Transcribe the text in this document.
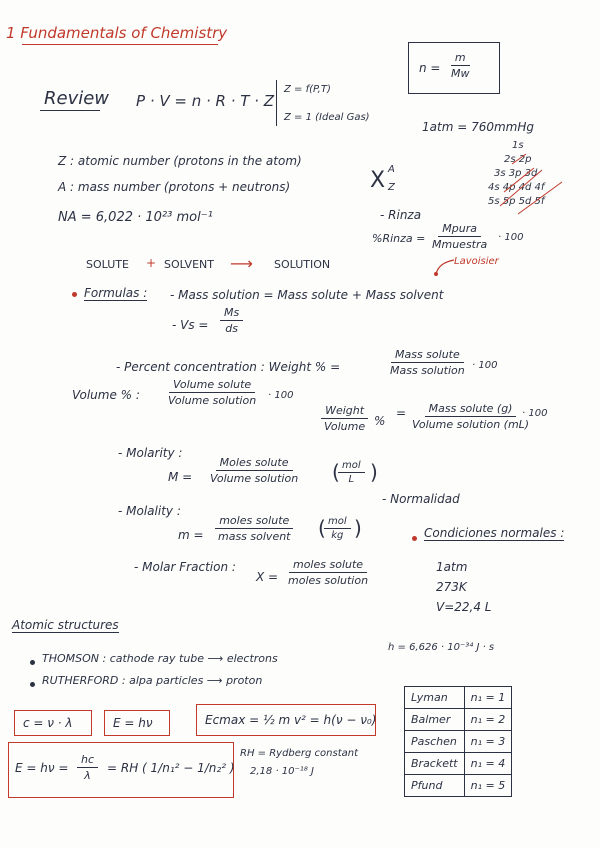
1 Fundamentals of Chemistry
$n = \frac{m}{Mw}$
Review P · V = n · R · T · Z
Z = f(P,T)
Z = 1 (Ideal Gas)
1atm = 760mmHg
Z : atomic number (protons in the atom)
A : mass number (protons + neutrons)
NA = 6,022 · 10²³ mol⁻¹
X A
Z
1s
2s 2p
3s 3p 3d
4s 4p 4d 4f
5s 5p 5d 5f
- Rinza
%Rinza =
Mpura
Mmuestra
· 100
Lavoisier
SOLUTE + SOLVENT ⟶ SOLUTION
Formulas : - Mass solution = Mass solute + Mass solvent
- $Vs = \frac{Ms}{ds}$
- Percent concentration : Weight % =
Mass solute
Mass solution · 100
Volume % :
Volume solute
Volume solution	· 100
Weight
Volume %
=	Mass solute (g)
Volume solution (mL)
· 100
- Molarity :
M =
Moles solute
Volume solution ( mol
L )
- Molality :
m =
moles solute
mass solvent ( mol
kg )
- Normalidad
- Molar Fraction :
X =
moles solute
moles solution
Condiciones normales :
1atm
273K
V=22,4 L
Atomic structures
h = 6,626 · 10⁻³⁴ J · s
THOMSON : cathode ray tube ⟶ electrons
RUTHERFORD : alpa particles ⟶ proton
c = ν · λ	E = hν	Ecmax = ½ m v² = h(ν − ν₀)
$E = h\nu = \frac{hc}{\lambda}$ = RH ( 1/n₁² − 1/n₂² )
RH = Rydberg constant
2,18 · 10⁻¹⁸ J
Lyman	n₁ = 1
Balmer	n₁ = 2
Paschen	n₁ = 3
Brackett	n₁ = 4
Pfund	n₁ = 5
